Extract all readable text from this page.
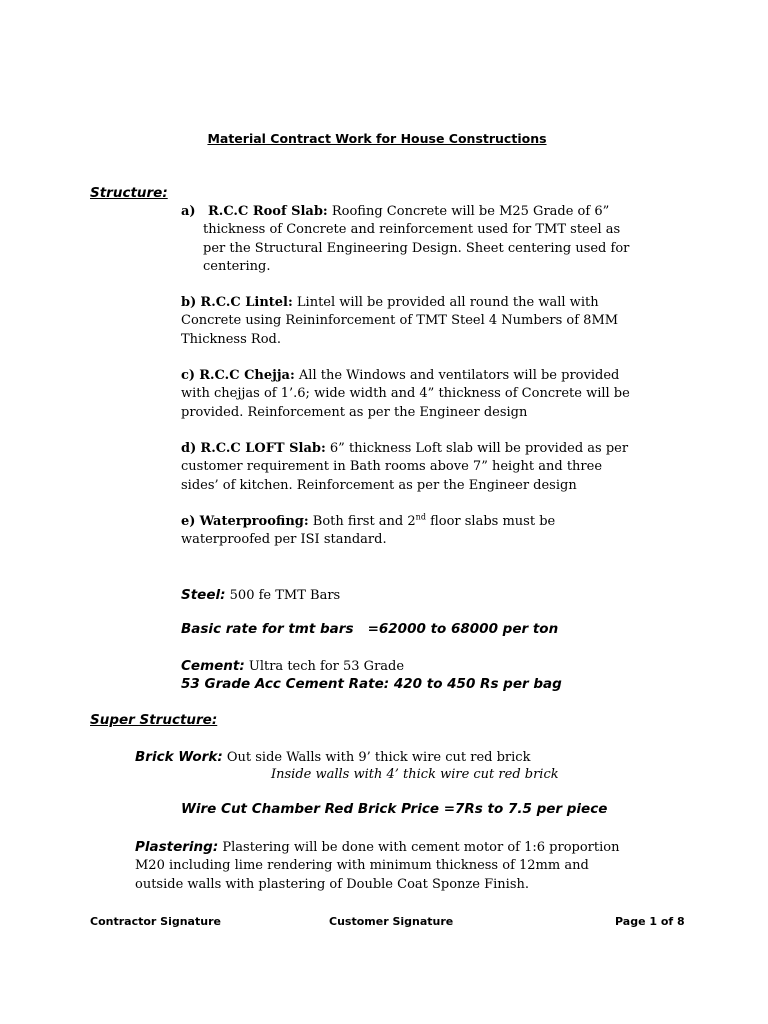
Material Contract Work for House Constructions
Structure:
a) R.C.C Roof Slab: Roofing Concrete will be M25 Grade of 6”
thickness of Concrete and reinforcement used for TMT steel as
per the Structural Engineering Design. Sheet centering used for
centering.
b) R.C.C Lintel: Lintel will be provided all round the wall with
Concrete using Reininforcement of TMT Steel 4 Numbers of 8MM
Thickness Rod.
c) R.C.C Chejja: All the Windows and ventilators will be provided
with chejjas of 1’.6; wide width and 4” thickness of Concrete will be
provided. Reinforcement as per the Engineer design
d) R.C.C LOFT Slab: 6” thickness Loft slab will be provided as per
customer requirement in Bath rooms above 7” height and three
sides’ of kitchen. Reinforcement as per the Engineer design
e) Waterproofing: Both first and 2nd floor slabs must be
waterproofed per ISI standard.
Steel: 500 fe TMT Bars
Basic rate for tmt bars   =62000 to 68000 per ton
Cement: Ultra tech for 53 Grade
53 Grade Acc Cement Rate: 420 to 450 Rs per bag
Super Structure:
Brick Work: Out side Walls with 9’ thick wire cut red brick
Inside walls with 4’ thick wire cut red brick
Wire Cut Chamber Red Brick Price =7Rs to 7.5 per piece
Plastering: Plastering will be done with cement motor of 1:6 proportion
M20 including lime rendering with minimum thickness of 12mm and
outside walls with plastering of Double Coat Sponze Finish.
Contractor Signature	Customer Signature	Page 1 of 8
